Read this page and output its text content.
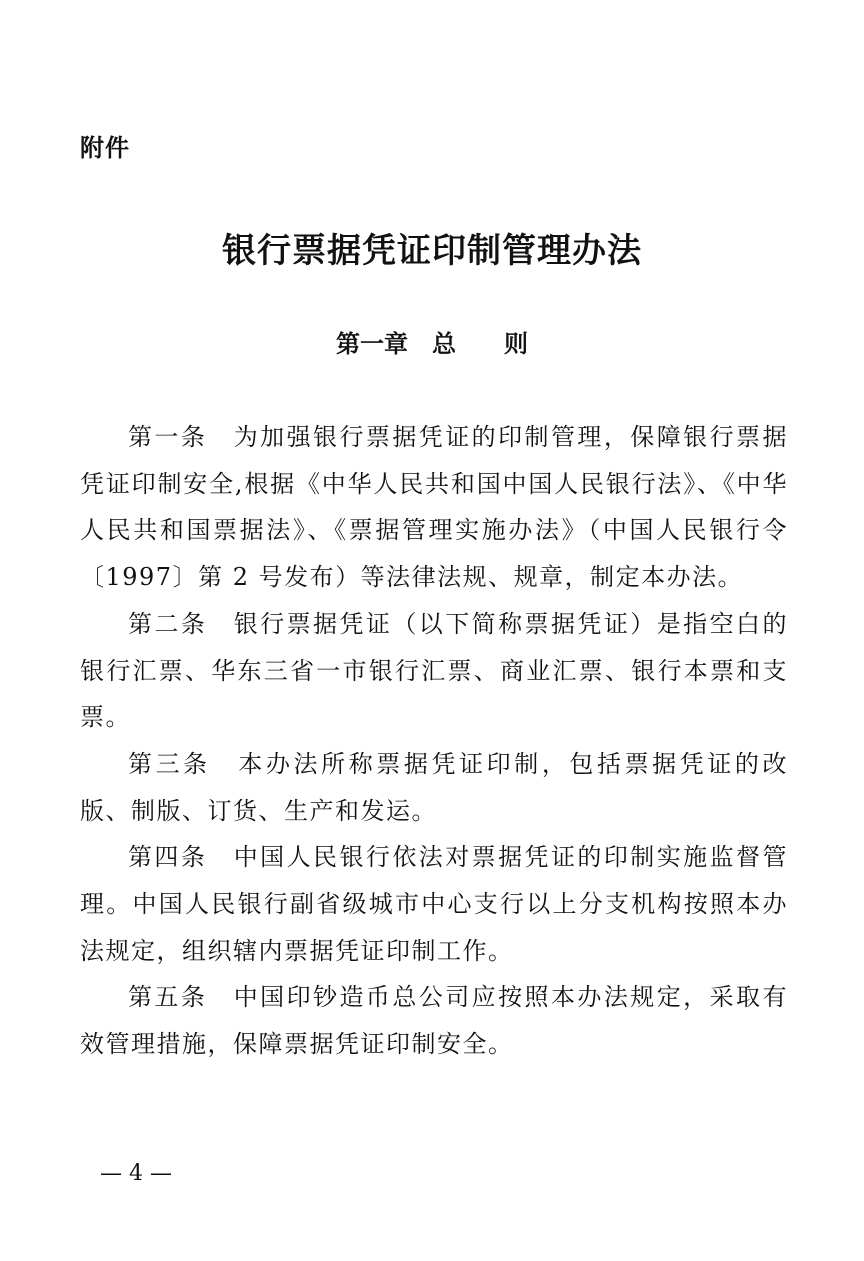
附件
银行票据凭证印制管理办法
第一章　总　　则

第一条　 为加强银行票据凭证的印制管理，保障银行票据凭证印制安全,根据《中华人民共和国中国人民银行法》、《中华人民共和国票据法》、《票据管理实施办法》（中国人民银行令〔1997〕第 2 号发布）等法律法规、规章，制定本办法。

第二条　 银行票据凭证（以下简称票据凭证）是指空白的银行汇票、华东三省一市银行汇票、商业汇票、银行本票和支票。

第三条　 本办法所称票据凭证印制，包括票据凭证的改版、制版、订货、生产和发运。

第四条　 中国人民银行依法对票据凭证的印制实施监督管理。中国人民银行副省级城市中心支行以上分支机构按照本办法规定，组织辖内票据凭证印制工作。

第五条　 中国印钞造币总公司应按照本办法规定，采取有效管理措施，保障票据凭证印制安全。

— 4 —
